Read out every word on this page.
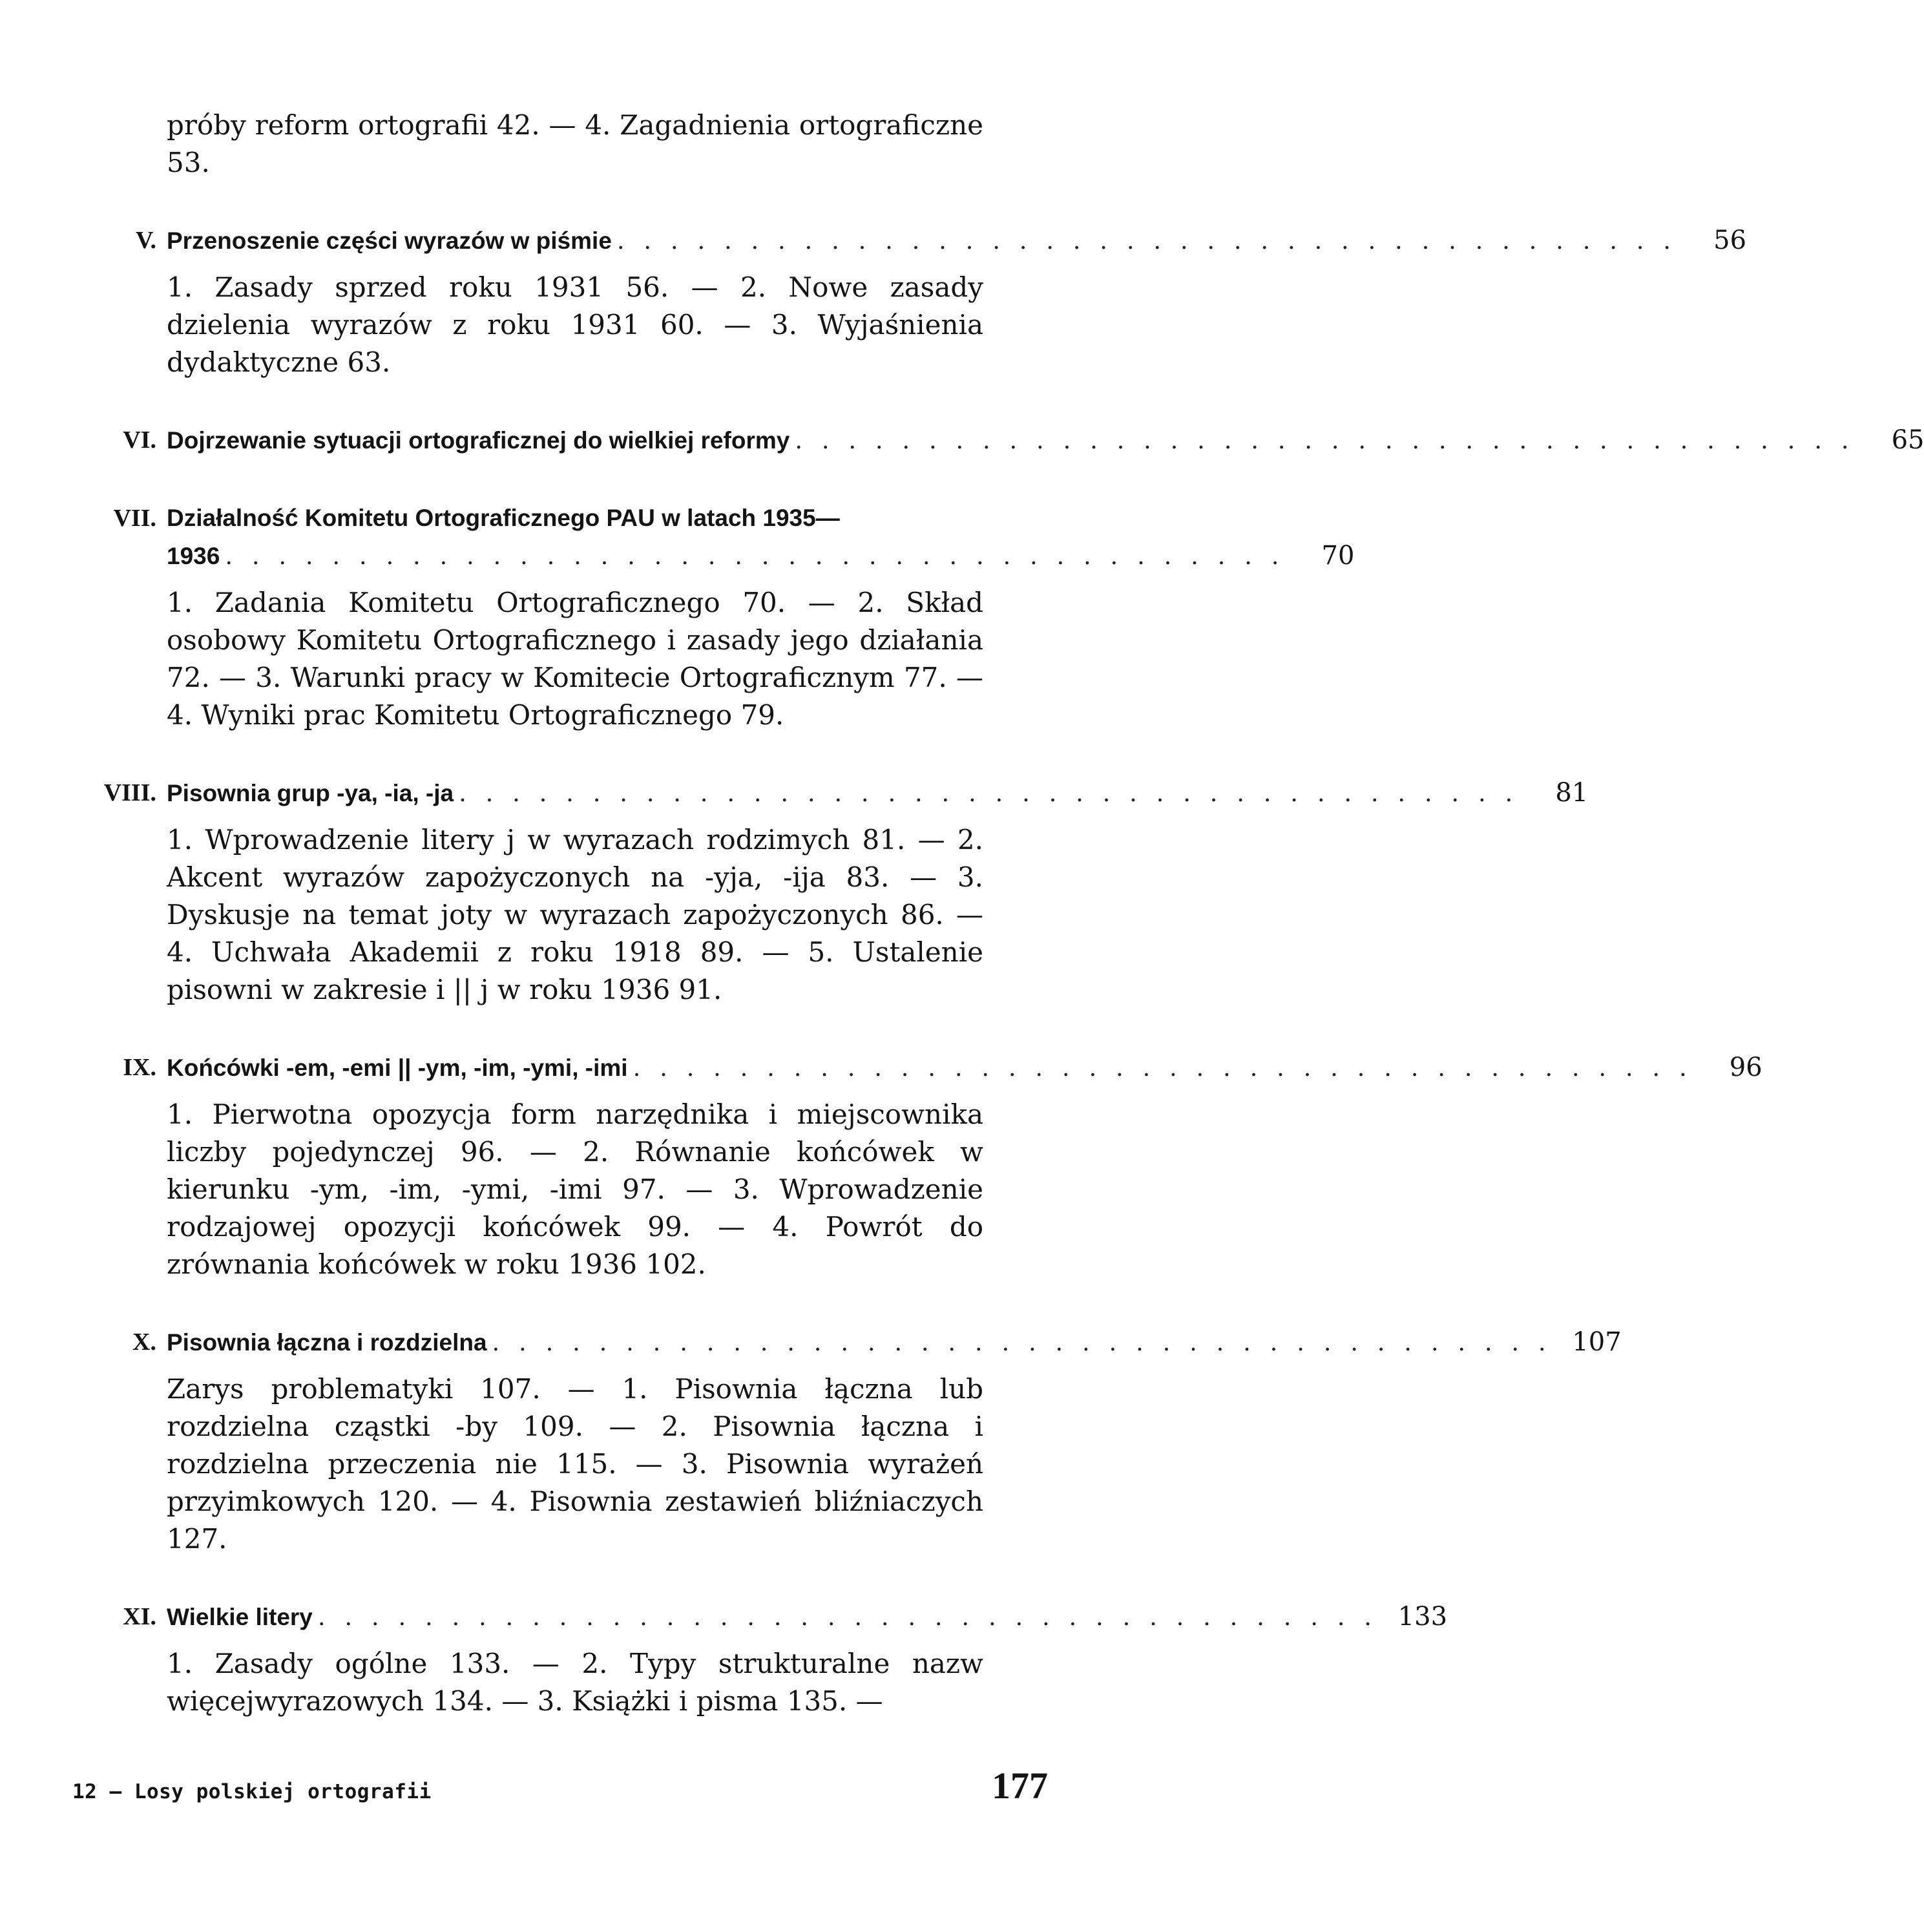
próby reform ortografii 42. — 4. Zagadnienia ortograficzne 53.
V. Przenoszenie części wyrazów w piśmie . . . . . . . . . . . . . . . . . . . . . . . . . . . . . . . . . . . . . . . .	56
1. Zasady sprzed roku 1931 56. — 2. Nowe zasady dzielenia wyrazów z roku 1931 60. — 3. Wyjaśnienia dydaktyczne 63.
VI. Dojrzewanie sytuacji ortograficznej do wielkiej reformy . . . . . . . . . . . . . . . . . . . . . . . . . . . . . . . . . . . . . . . .	65
VII. Działalność Komitetu Ortograficznego PAU w latach 1935—
1936 . . . . . . . . . . . . . . . . . . . . . . . . . . . . . . . . . . . . . . . .	70
1. Zadania Komitetu Ortograficznego 70. — 2. Skład osobowy Komitetu Ortograficznego i zasady jego działania 72. — 3. Warunki pracy w Komitecie Ortograficznym 77. — 4. Wyniki prac Komitetu Ortograficznego 79.
VIII. Pisownia grup -ya, -ia, -ja . . . . . . . . . . . . . . . . . . . . . . . . . . . . . . . . . . . . . . . .	81
1. Wprowadzenie litery j w wyrazach rodzimych 81. — 2. Akcent wyrazów zapożyczonych na -yja, -ija 83. — 3. Dyskusje na temat joty w wyrazach zapożyczonych 86. — 4. Uchwała Akademii z roku 1918 89. — 5. Ustalenie pisowni w zakresie i || j w roku 1936 91.
IX. Końcówki -em, -emi || -ym, -im, -ymi, -imi . . . . . . . . . . . . . . . . . . . . . . . . . . . . . . . . . . . . . . . .	96
1. Pierwotna opozycja form narzędnika i miejscownika liczby pojedynczej 96. — 2. Równanie końcówek w kierunku -ym, -im, -ymi, -imi 97. — 3. Wprowadzenie rodzajowej opozycji końcówek 99. — 4. Powrót do zrównania końcówek w roku 1936 102.
X. Pisownia łączna i rozdzielna . . . . . . . . . . . . . . . . . . . . . . . . . . . . . . . . . . . . . . . . 107
Zarys problematyki 107. — 1. Pisownia łączna lub rozdzielna cząstki -by 109. — 2. Pisownia łączna i rozdzielna przeczenia nie 115. — 3. Pisownia wyrażeń przyimkowych 120. — 4. Pisownia zestawień bliźniaczych 127.
XI. Wielkie litery . . . . . . . . . . . . . . . . . . . . . . . . . . . . . . . . . . . . . . . . 133
1. Zasady ogólne 133. — 2. Typy strukturalne nazw więcejwyrazowych 134. — 3. Książki i pisma 135. —
12 — Losy polskiej ortografii	177
